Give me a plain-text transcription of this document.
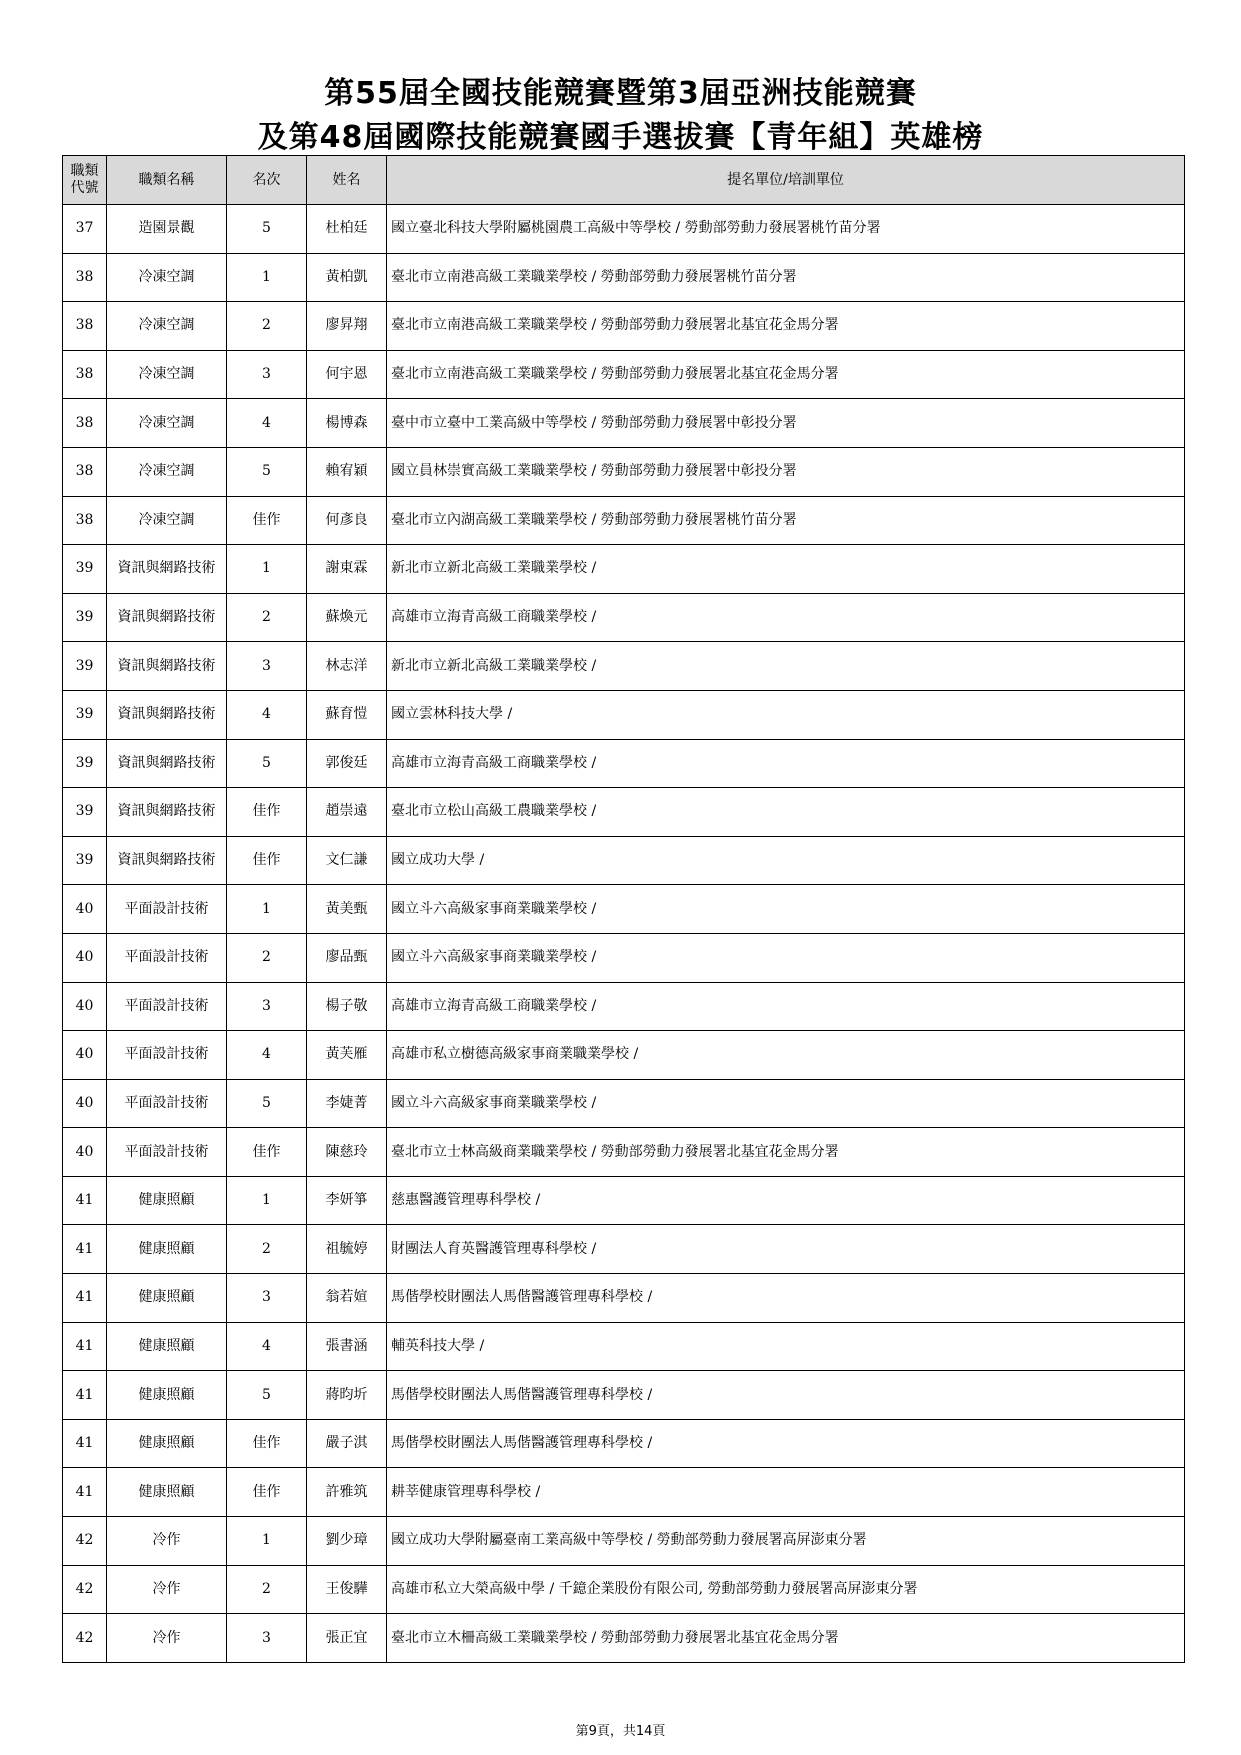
第55屆全國技能競賽暨第3屆亞洲技能競賽
及第48屆國際技能競賽國手選拔賽【青年組】英雄榜
職類代號	職類名稱	名次	姓名	提名單位/培訓單位
37	造園景觀	5	杜柏廷	國立臺北科技大學附屬桃園農工高級中等學校 / 勞動部勞動力發展署桃竹苗分署
38	冷凍空調	1	黃柏凱	臺北市立南港高級工業職業學校 / 勞動部勞動力發展署桃竹苗分署
38	冷凍空調	2	廖昇翔	臺北市立南港高級工業職業學校 / 勞動部勞動力發展署北基宜花金馬分署
38	冷凍空調	3	何宇恩	臺北市立南港高級工業職業學校 / 勞動部勞動力發展署北基宜花金馬分署
38	冷凍空調	4	楊博森	臺中市立臺中工業高級中等學校 / 勞動部勞動力發展署中彰投分署
38	冷凍空調	5	賴宥穎	國立員林崇實高級工業職業學校 / 勞動部勞動力發展署中彰投分署
38	冷凍空調	佳作	何彥良	臺北市立內湖高級工業職業學校 / 勞動部勞動力發展署桃竹苗分署
39	資訊與網路技術	1	謝東霖	新北市立新北高級工業職業學校 /
39	資訊與網路技術	2	蘇煥元	高雄市立海青高級工商職業學校 /
39	資訊與網路技術	3	林志洋	新北市立新北高級工業職業學校 /
39	資訊與網路技術	4	蘇育愷	國立雲林科技大學 /
39	資訊與網路技術	5	郭俊廷	高雄市立海青高級工商職業學校 /
39	資訊與網路技術	佳作	趙崇遠	臺北市立松山高級工農職業學校 /
39	資訊與網路技術	佳作	文仁謙	國立成功大學 /
40	平面設計技術	1	黃美甄	國立斗六高級家事商業職業學校 /
40	平面設計技術	2	廖品甄	國立斗六高級家事商業職業學校 /
40	平面設計技術	3	楊子敬	高雄市立海青高級工商職業學校 /
40	平面設計技術	4	黃芙雁	高雄市私立樹德高級家事商業職業學校 /
40	平面設計技術	5	李婕菁	國立斗六高級家事商業職業學校 /
40	平面設計技術	佳作	陳慈玲	臺北市立士林高級商業職業學校 / 勞動部勞動力發展署北基宜花金馬分署
41	健康照顧	1	李妍箏	慈惠醫護管理專科學校 /
41	健康照顧	2	祖毓婷	財團法人育英醫護管理專科學校 /
41	健康照顧	3	翁若媗	馬偕學校財團法人馬偕醫護管理專科學校 /
41	健康照顧	4	張書涵	輔英科技大學 /
41	健康照顧	5	蔣昀圻	馬偕學校財團法人馬偕醫護管理專科學校 /
41	健康照顧	佳作	嚴子淇	馬偕學校財團法人馬偕醫護管理專科學校 /
41	健康照顧	佳作	許雅筑	耕莘健康管理專科學校 /
42	冷作	1	劉少璋	國立成功大學附屬臺南工業高級中等學校 / 勞動部勞動力發展署高屏澎東分署
42	冷作	2	王俊驊	高雄市私立大榮高級中學 / 千鐿企業股份有限公司, 勞動部勞動力發展署高屏澎東分署
42	冷作	3	張正宜	臺北市立木柵高級工業職業學校 / 勞動部勞動力發展署北基宜花金馬分署
第9頁，共14頁
